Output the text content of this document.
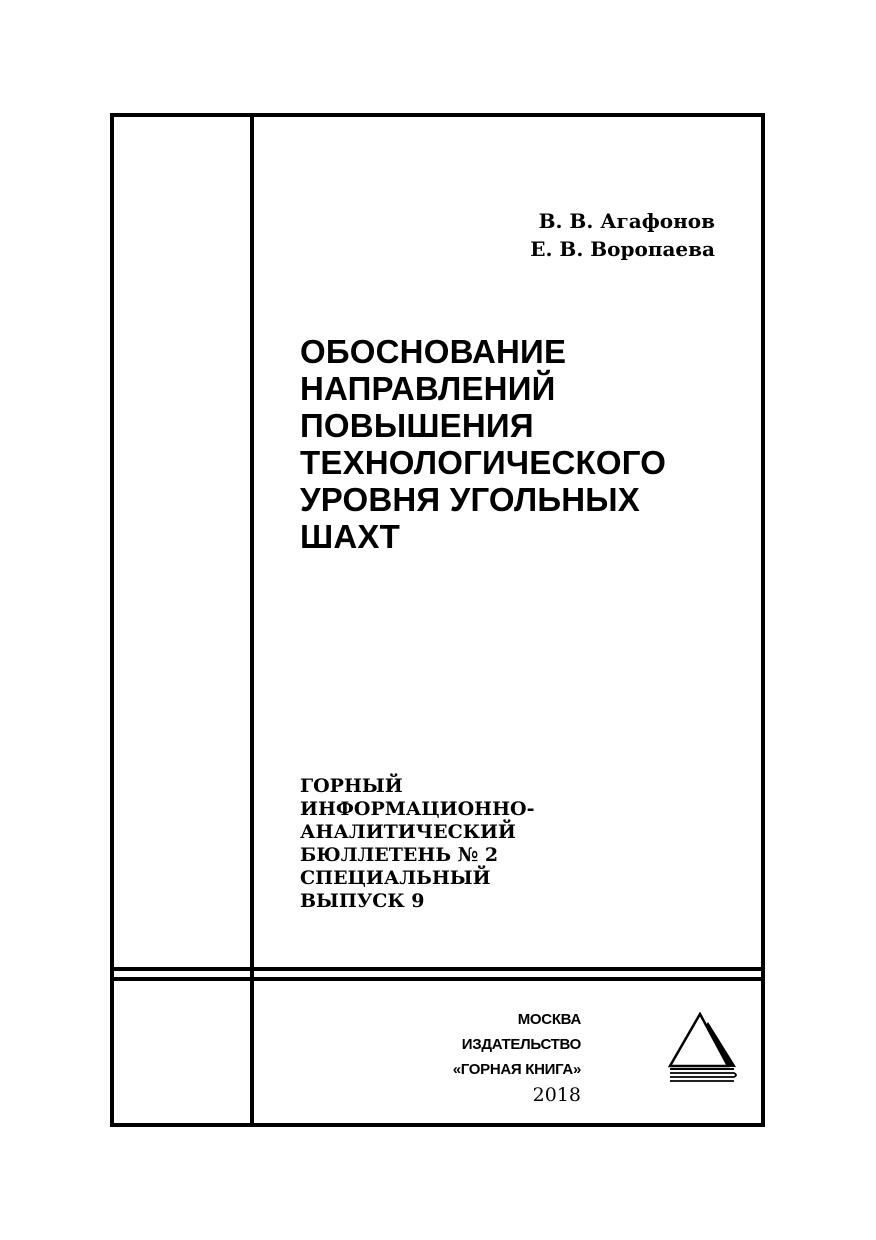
В. В. Агафонов
Е. В. Воропаева
ОБОСНОВАНИЕ
НАПРАВЛЕНИЙ
ПОВЫШЕНИЯ
ТЕХНОЛОГИЧЕСКОГО
УРОВНЯ УГОЛЬНЫХ
ШАХТ
ГОРНЫЙ
ИНФОРМАЦИОННО-
АНАЛИТИЧЕСКИЙ
БЮЛЛЕТЕНЬ № 2
СПЕЦИАЛЬНЫЙ
ВЫПУСК 9
МОСКВА
ИЗДАТЕЛЬСТВО
«ГОРНАЯ КНИГА»
2018
